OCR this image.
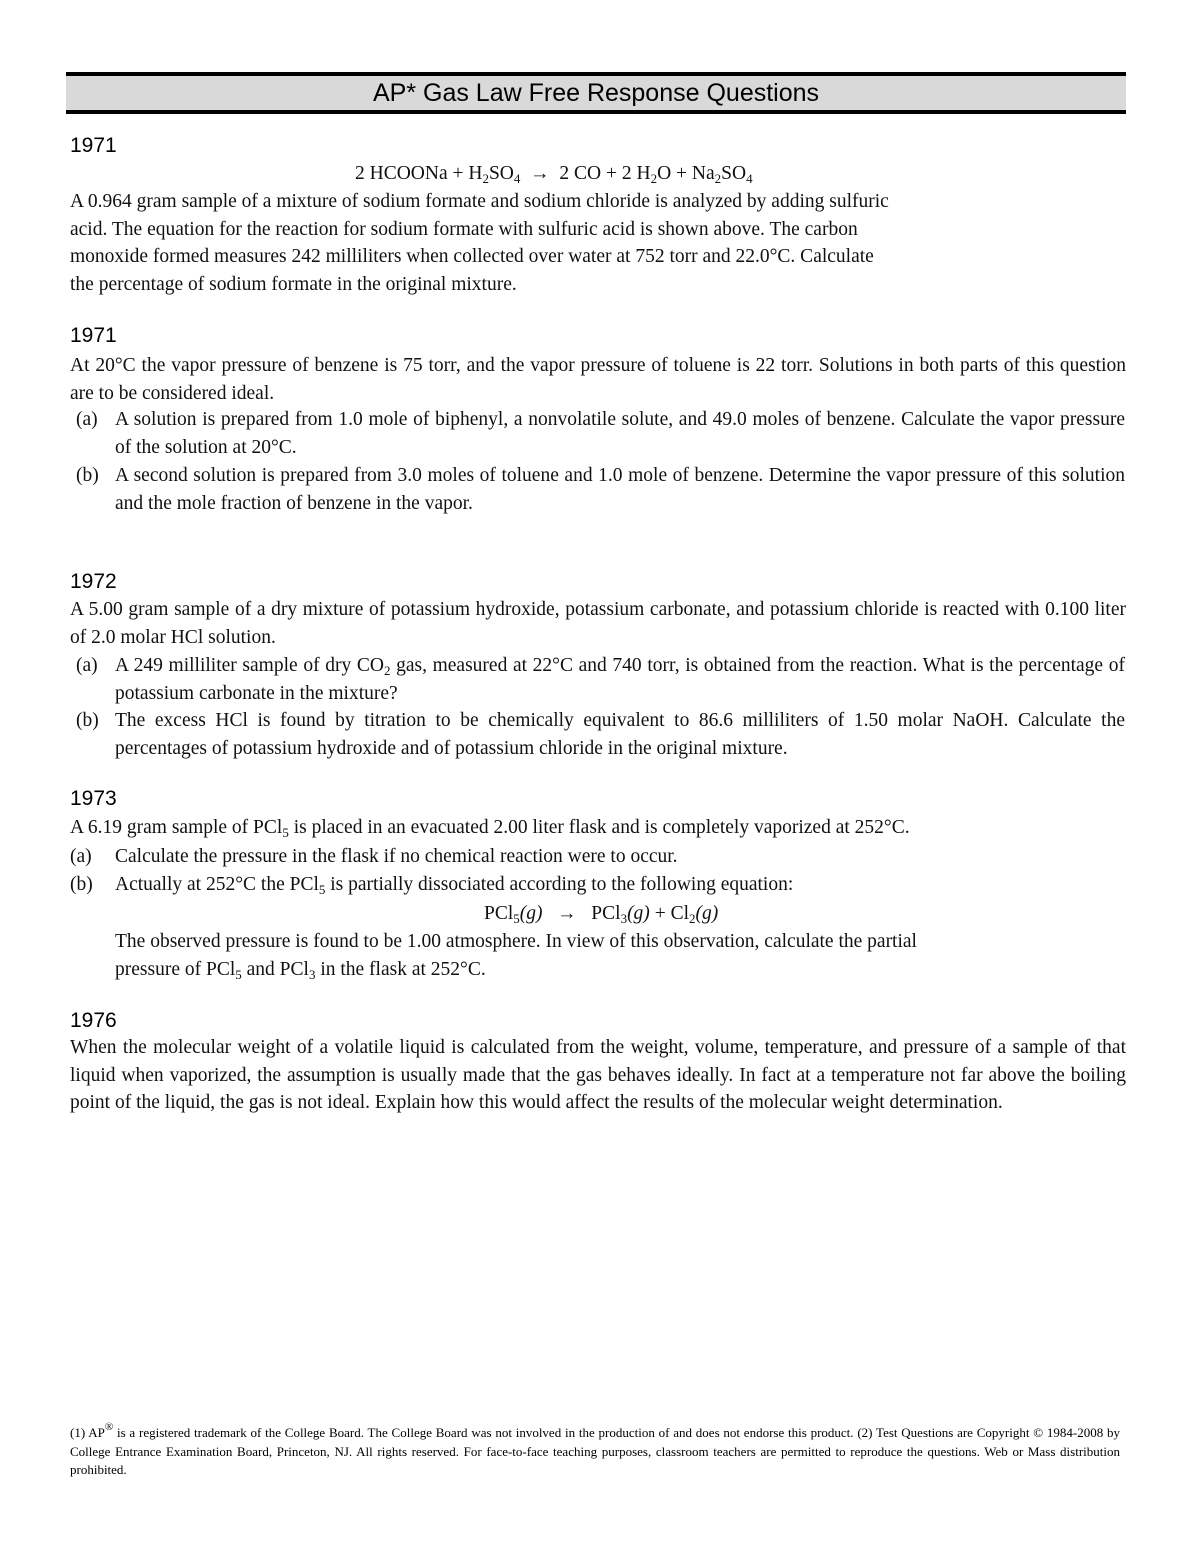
AP* Gas Law Free Response Questions
1971
2 HCOONa + $H_2SO_4 \to 2$ CO + 2 $H_2O + Na_2SO_4$
A 0.964 gram sample of a mixture of sodium formate and sodium chloride is analyzed by adding sulfuric
acid. The equation for the reaction for sodium formate with sulfuric acid is shown above. The carbon
monoxide formed measures 242 milliliters when collected over water at 752 torr and 22.0°C. Calculate
the percentage of sodium formate in the original mixture.
1971
At 20°C the vapor pressure of benzene is 75 torr, and the vapor pressure of toluene is 22 torr. Solutions in both parts of this question are to be considered ideal.
(a) A solution is prepared from 1.0 mole of biphenyl, a nonvolatile solute, and 49.0 moles of benzene. Calculate the vapor pressure of the solution at 20°C.
(b) A second solution is prepared from 3.0 moles of toluene and 1.0 mole of benzene. Determine the vapor pressure of this solution and the mole fraction of benzene in the vapor.
1972
A 5.00 gram sample of a dry mixture of potassium hydroxide, potassium carbonate, and potassium chloride is reacted with 0.100 liter of 2.0 molar HCl solution.
(a) A 249 milliliter sample of dry $CO_2$ gas, measured at 22°C and 740 torr, is obtained from the reaction. What is the percentage of potassium carbonate in the mixture?
(b) The excess HCl is found by titration to be chemically equivalent to 86.6 milliliters of 1.50 molar NaOH. Calculate the percentages of potassium hydroxide and of potassium chloride in the original mixture.
1973
A 6.19 gram sample of PCl$_5$ is placed in an evacuated 2.00 liter flask and is completely vaporized at 252°C.
(a) Calculate the pressure in the flask if no chemical reaction were to occur.
(b) Actually at 252°C the PCl$_5$ is partially dissociated according to the following equation:
$PCl_5(g) \to PCl_3(g) + Cl_2(g)$
The observed pressure is found to be 1.00 atmosphere. In view of this observation, calculate the partial
pressure of PCl$_5$ and PCl$_3$ in the flask at 252°C.
1976
When the molecular weight of a volatile liquid is calculated from the weight, volume, temperature, and pressure of a sample of that liquid when vaporized, the assumption is usually made that the gas behaves ideally. In fact at a temperature not far above the boiling point of the liquid, the gas is not ideal. Explain how this would affect the results of the molecular weight determination.
(1) AP® is a registered trademark of the College Board. The College Board was not involved in the production of and does not endorse this product. (2) Test Questions are Copyright © 1984-2008 by College Entrance Examination Board, Princeton, NJ. All rights reserved. For face-to-face teaching purposes, classroom teachers are permitted to reproduce the questions. Web or Mass distribution prohibited.
